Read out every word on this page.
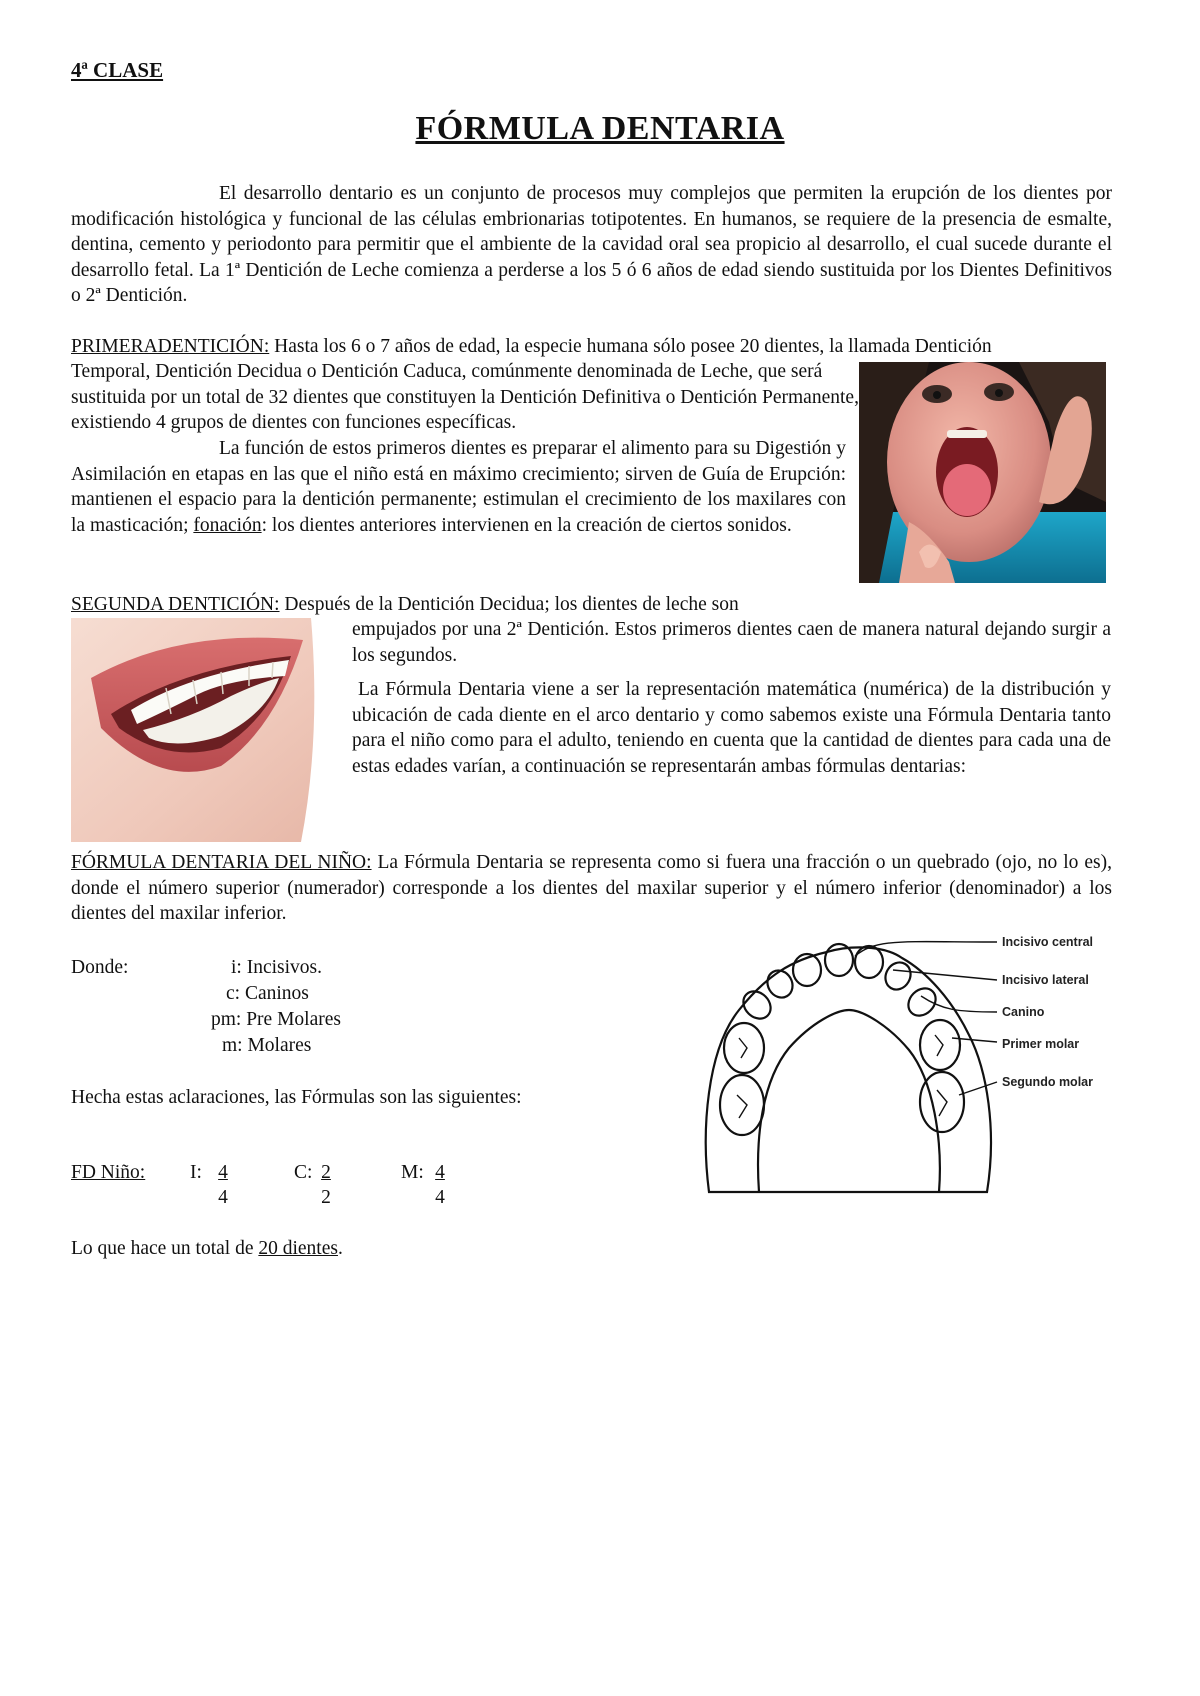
4ª CLASE
FÓRMULA DENTARIA
El desarrollo dentario es un conjunto de procesos muy complejos que permiten la erupción de los dientes por modificación histológica y funcional de las células embrionarias totipotentes. En humanos, se requiere de la presencia de esmalte, dentina, cemento y periodonto para permitir que el ambiente de la cavidad oral sea propicio al desarrollo, el cual sucede durante el desarrollo fetal. La 1ª Dentición de Leche comienza a perderse a los 5 ó 6 años de edad siendo sustituida por los Dientes Definitivos o 2ª Dentición.
PRIMERADENTICIÓN: Hasta los 6 o 7 años de edad, la especie humana sólo posee 20 dientes, la llamada Dentición
Temporal, Dentición Decidua o Dentición Caduca, comúnmente denominada de Leche, que será sustituida por un total de 32 dientes que constituyen la Dentición Definitiva o Dentición Permanente, existiendo 4 grupos de dientes con funciones específicas.
La función de estos primeros dientes es preparar el alimento para su Digestión y Asimilación en etapas en las que el niño está en máximo crecimiento; sirven de Guía de Erupción: mantienen el espacio para la dentición permanente; estimulan el crecimiento de los maxilares con la masticación; fonación: los dientes anteriores intervienen en la creación de ciertos sonidos.
SEGUNDA DENTICIÓN: Después de la Dentición Decidua; los dientes de leche son
empujados por una 2ª Dentición. Estos primeros dientes caen de manera natural dejando surgir a los segundos.
La Fórmula Dentaria viene a ser la representación matemática (numérica) de la distribución y ubicación de cada diente en el arco dentario y como sabemos existe una Fórmula Dentaria tanto para el niño como para el adulto, teniendo en cuenta que la cantidad de dientes para cada una de estas edades varían, a continuación se representarán ambas fórmulas dentarias:
FÓRMULA DENTARIA DEL NIÑO: La Fórmula Dentaria se representa como si fuera una fracción o un quebrado (ojo, no lo es), donde el número superior (numerador) corresponde a los dientes del maxilar superior y el número inferior (denominador) a los dientes del maxilar inferior.
Donde:	i: Incisivos.
c: Caninos
pm: Pre Molares
m: Molares
Hecha estas aclaraciones, las Fórmulas son las siguientes:
FD Niño: I: $\frac{4}{4}$	C: $\frac{2}{2}$	M: $\frac{4}{4}$
Lo que hace un total de 20 dientes.
Incisivo central
Incisivo lateral
Canino
Primer molar
Segundo molar
